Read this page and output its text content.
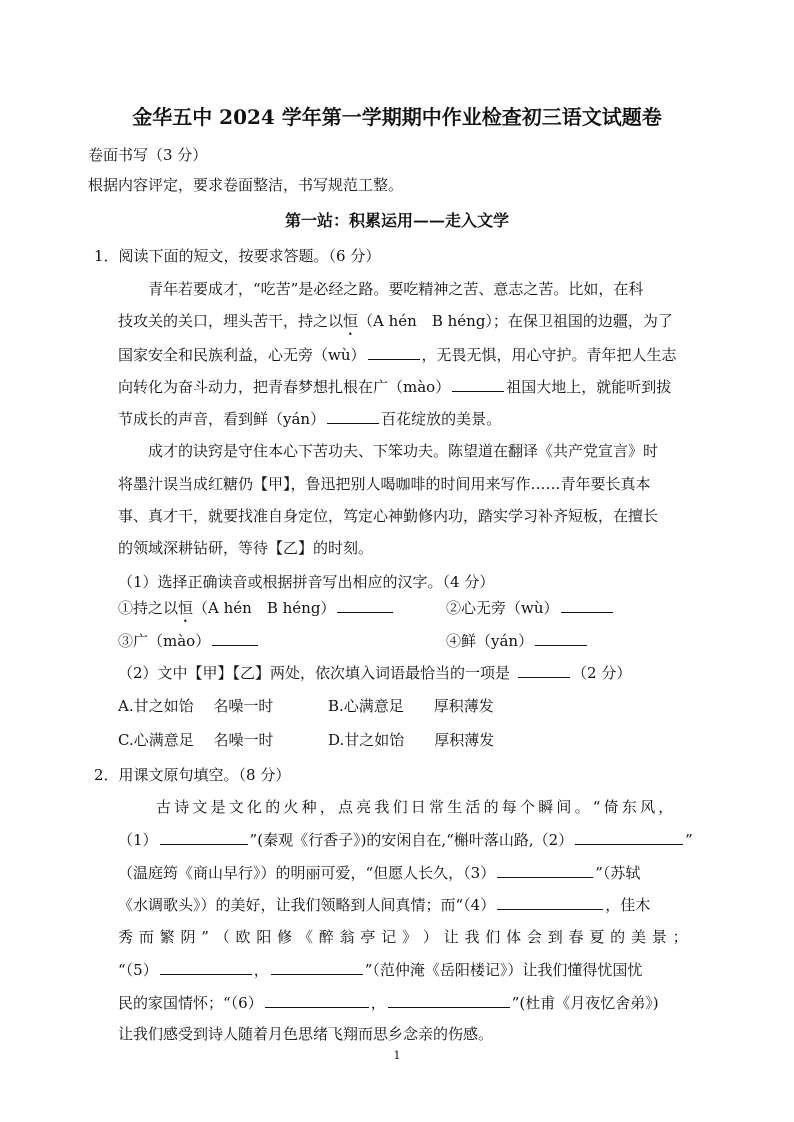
金华五中 2024 学年第一学期期中作业检查初三语文试题卷
卷面书写（3 分）
根据内容评定，要求卷面整洁，书写规范工整。
第一站：积累运用——走入文学
1．阅读下面的短文，按要求答题。（6 分）
青年若要成才，“吃苦”是必经之路。要吃精神之苦、意志之苦。比如，在科
技攻关的关口，埋头苦干，持之以恒（A hén　B héng）；在保卫祖国的边疆，为了
国家安全和民族利益，心无旁（wù）	，无畏无惧，用心守护。青年把人生志
向转化为奋斗动力，把青春梦想扎根在广（mào）	祖国大地上，就能听到拔
节成长的声音，看到鲜（yán）	百花绽放的美景。
成才的诀窍是守住本心下苦功夫、下笨功夫。陈望道在翻译《共产党宣言》时
将墨汁误当成红糖仍【甲】，鲁迅把别人喝咖啡的时间用来写作……青年要长真本
事、真才干，就要找准自身定位，笃定心神勤修内功，踏实学习补齐短板，在擅长
的领域深耕钻研，等待【乙】的时刻。
（1）选择正确读音或根据拼音写出相应的汉字。（4 分）
①持之以恒（A hén　B héng）	②心无旁（wù）
③广（mào）	④鲜（yán）
（2）文中【甲】【乙】两处，依次填入词语最恰当的一项是	（2 分）
A.甘之如饴　 名噪一时	B.心满意足　　厚积薄发
C.心满意足　 名噪一时	D.甘之如饴　　厚积薄发
2．用课文原句填空。（8 分）
古诗文是文化的火种，点亮我们日常生活的每个瞬间。“倚东风，
（1）	”(秦观《行香子》)的安闲自在,“槲叶落山路,（2）	”
（温庭筠《商山早行》）的明丽可爱，“但愿人长久，（3）	”（苏轼
《水调歌头》）的美好，让我们领略到人间真情；而“（4）	，佳木
秀 而 繁 阴 ” （ 欧 阳 修 《 醉 翁 亭 记 》 ） 让 我 们 体 会 到 春 夏 的 美 景 ；
“（5）	，	”（范仲淹《岳阳楼记》）让我们懂得忧国忧
民的家国情怀；“（6）	，	”(杜甫《月夜忆舍弟》)
让我们感受到诗人随着月色思绪飞翔而思乡念亲的伤感。
1
